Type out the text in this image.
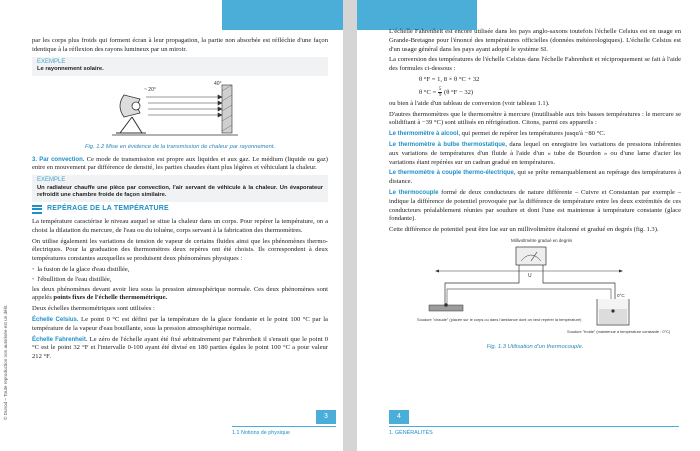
© Dunod – Toute reproduction non autorisée est un délit.

par les corps plus froids qui forment écran à leur propagation, la partie non absorbée est réfléchie d'une façon identique à la réflexion des rayons lumineux par un miroir.

EXEMPLE
Le rayonnement solaire.
~ 20°
40°
Fig. 1.2 Mise en évidence de la transmission de chaleur par rayonnement.

3. Par convection. Ce mode de transmission est propre aux liquides et aux gaz. Le médium (liquide ou gaz) entre en mouvement par différence de densité, les parties chaudes étant plus légères et véhiculant la chaleur.

EXEMPLE
Un radiateur chauffe une pièce par convection, l'air servant de véhicule à la chaleur. Un évaporateur refroidit une chambre froide de façon similaire.
REPÉRAGE DE LA TEMPÉRATURE

La température caractérise le niveau auquel se situe la chaleur dans un corps. Pour repérer la température, on a choisi la dilatation du mercure, de l'eau ou du toluène, corps servant à la fabrication des thermomètres.

On utilise également les variations de tension de vapeur de certains fluides ainsi que les phénomènes thermo-électriques. Pour la graduation des thermomètres deux repères ont été choisis. Ils correspondent à deux températures constantes auxquelles se produisent deux phénomènes physiques :

• la fusion de la glace d'eau distillée,
• l'ébullition de l'eau distillée,

les deux phénomènes devant avoir lieu sous la pression atmosphérique normale. Ces deux phénomènes sont appelés points fixes de l'échelle thermométrique.

Deux échelles thermométriques sont utilisées :

Échelle Celsius. Le point 0 °C est défini par la température de la glace fondante et le point 100 °C par la température de la vapeur d'eau bouillante, sous la pression atmosphérique normale.

Échelle Fahrenheit. Le zéro de l'échelle ayant été fixé arbitrairement par Fahrenheit il s'ensuit que le point 0 °C est le point 32 °F et l'intervalle 0-100 ayant été divisé en 180 parties égales le point 100 °C a pour valeur 212 °F.

3
1.1 Notions de physique

L'échelle Fahrenheit est encore utilisée dans les pays anglo-saxons toutefois l'échelle Celsius est en usage en Grande-Bretagne pour l'énoncé des températures officielles (données météorologiques). L'échelle Celsius est d'un usage général dans les pays ayant adopté le système SI.

La conversion des températures de l'échelle Celsius dans l'échelle Fahrenheit et réciproquement se fait à l'aide des formules ci-dessous :

θ °F = 1, 8 × θ °C + 32
θ $^\circ C = \frac{5}{9} (\theta$ °F − 32)

ou bien à l'aide d'un tableau de conversion (voir tableau 1.1).

D'autres thermomètres que le thermomètre à mercure (inutilisable aux très basses températures : le mercure se solidifiant à −39 °C) sont utilisés en réfrigération. Citons, parmi ces appareils :

Le thermomètre à alcool, qui permet de repérer les températures jusqu'à −80 °C.

Le thermomètre à bulbe thermostatique, dans lequel on enregistre les variations de pressions inhérentes aux variations de températures d'un fluide à l'aide d'un « tube de Bourdon » ou d'une lame d'acier les variations étant repérées sur un cadran gradué en températures.

Le thermomètre à couple thermo-électrique, qui se prête remarquablement au repérage des températures à distance.

Le thermocouple formé de deux conducteurs de nature différente – Cuivre et Constantan par exemple – indique la différence de potentiel provoquée par la différence de température entre les deux extrémités de ces conducteurs préalablement réunies par soudure et dont l'une est maintenue à température constante (glace fondante).

Cette différence de potentiel peut être lue sur un millivoltmètre étalonné et gradué en degrés (fig. 1.3).

Millivoltmètre gradué en degrés
U
0°C
Soudure "chaude" (placée sur le corps ou dans l'ambiance dont on veut repérer la température)
Soudure "froide" (maintenue à température constante : 0°C)
Fig. 1.3 Utilisation d'un thermocouple.
4
1. GÉNÉRALITÉS
